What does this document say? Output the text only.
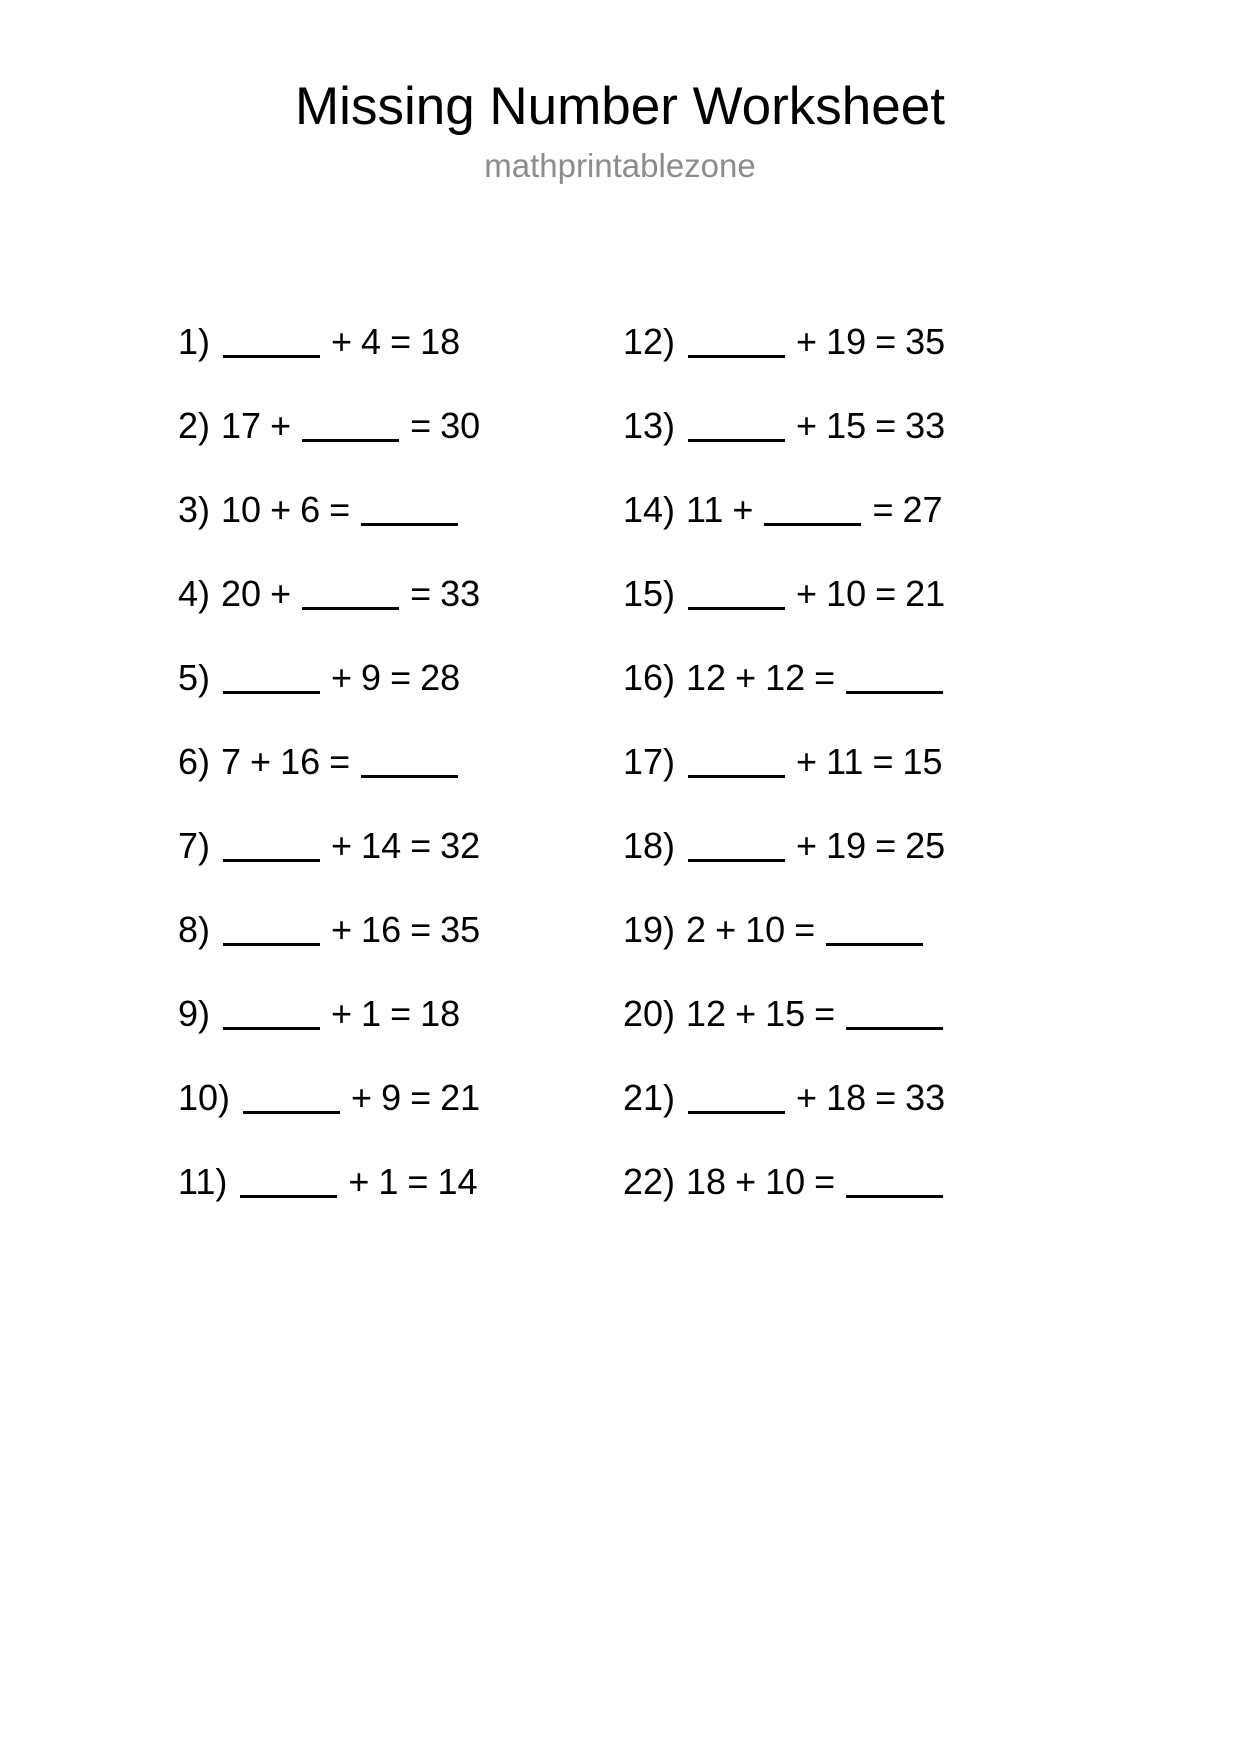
Missing Number Worksheet
mathprintablezone
1)	+ 4 = 18
2) 17 +	= 30
3) 10 + 6 =
4) 20 +	= 33
5)	+ 9 = 28
6) 7 + 16 =
7)	+ 14 = 32
8)	+ 16 = 35
9)	+ 1 = 18
10)	+ 9 = 21
11)	+ 1 = 14
12)	+ 19 = 35
13)	+ 15 = 33
14) 11 +	= 27
15)	+ 10 = 21
16) 12 + 12 =
17)	+ 11 = 15
18)	+ 19 = 25
19) 2 + 10 =
20) 12 + 15 =
21)	+ 18 = 33
22) 18 + 10 =
